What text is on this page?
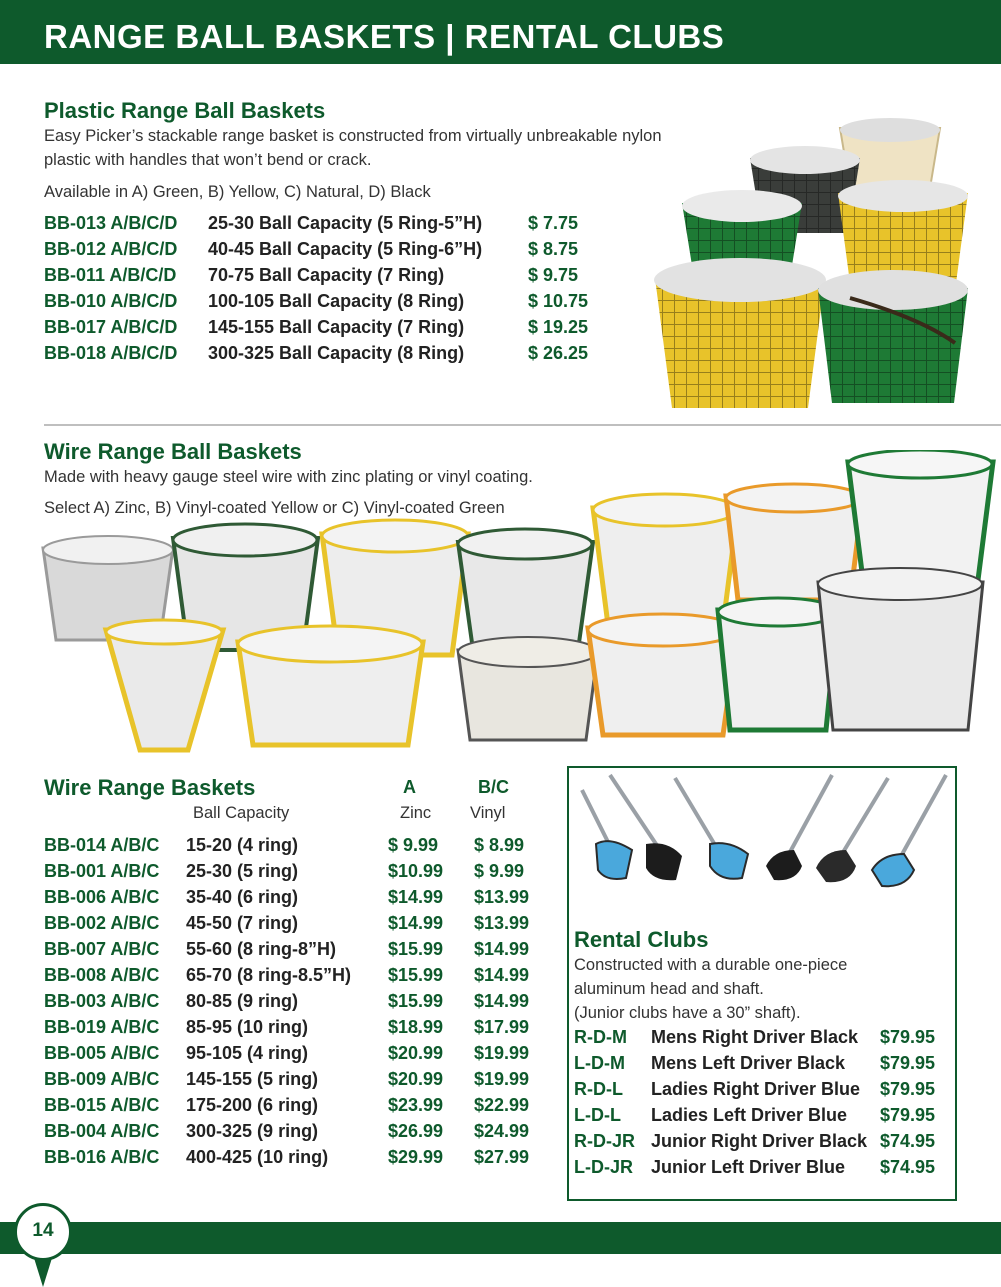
RANGE BALL BASKETS | RENTAL CLUBS
Plastic Range Ball Baskets
Easy Picker’s stackable range basket is constructed from virtually unbreakable nylon
plastic with handles that won’t bend or crack.
Available in A) Green, B) Yellow, C) Natural, D) Black
BB-013 A/B/C/D 25-30 Ball Capacity (5 Ring-5”H)	$ 7.75
BB-012 A/B/C/D 40-45 Ball Capacity (5 Ring-6”H)	$ 8.75
BB-011 A/B/C/D 70-75 Ball Capacity (7 Ring)	$ 9.75
BB-010 A/B/C/D 100-105 Ball Capacity (8 Ring)	$ 10.75
BB-017 A/B/C/D 145-155 Ball Capacity (7 Ring)	$ 19.25
BB-018 A/B/C/D 300-325 Ball Capacity (8 Ring)	$ 26.25
Wire Range Ball Baskets
Made with heavy gauge steel wire with zinc plating or vinyl coating.
Select A) Zinc, B) Vinyl-coated Yellow or C) Vinyl-coated Green
Wire Range Baskets
Ball Capacity
A
Zinc
B/C
Vinyl
BB-014 A/B/C 15-20 (4 ring)	$ 9.99 $ 8.99
BB-001 A/B/C 25-30 (5 ring)	$10.99 $ 9.99
BB-006 A/B/C 35-40 (6 ring)	$14.99 $13.99
BB-002 A/B/C 45-50 (7 ring)	$14.99 $13.99
BB-007 A/B/C 55-60 (8 ring-8”H)	$15.99 $14.99
BB-008 A/B/C 65-70 (8 ring-8.5”H) $15.99 $14.99
BB-003 A/B/C 80-85 (9 ring)	$15.99 $14.99
BB-019 A/B/C 85-95 (10 ring)	$18.99 $17.99
BB-005 A/B/C 95-105 (4 ring)	$20.99 $19.99
BB-009 A/B/C 145-155 (5 ring)	$20.99 $19.99
BB-015 A/B/C 175-200 (6 ring)	$23.99 $22.99
BB-004 A/B/C 300-325 (9 ring)	$26.99 $24.99
BB-016 A/B/C 400-425 (10 ring)	$29.99 $27.99
Rental Clubs
Constructed with a durable one-piece
aluminum head and shaft.
(Junior clubs have a 30” shaft).
R-D-M Mens Right Driver Black $79.95
L-D-M Mens Left Driver Black $79.95
R-D-L Ladies Right Driver Blue $79.95
L-D-L Ladies Left Driver Blue $79.95
R-D-JR Junior Right Driver Black $74.95
L-D-JR Junior Left Driver Blue $74.95
14
